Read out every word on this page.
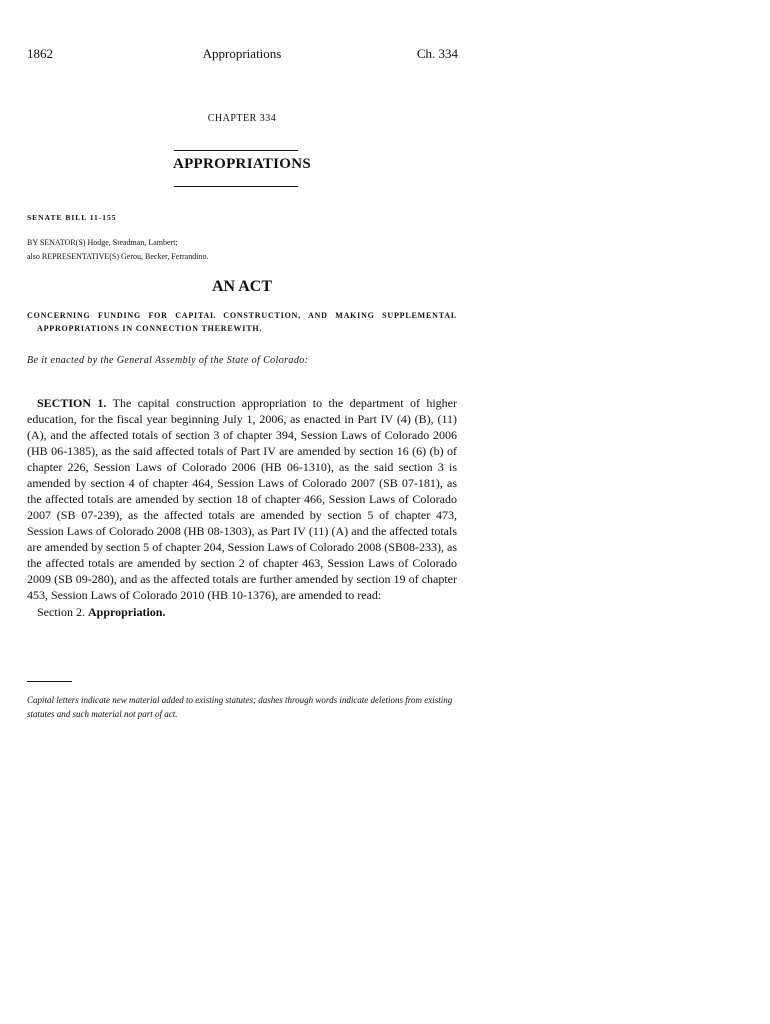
1862	Appropriations	Ch. 334
CHAPTER 334
APPROPRIATIONS
SENATE BILL 11-155
BY SENATOR(S) Hodge, Steadman, Lambert;
also REPRESENTATIVE(S) Gerou, Becker, Ferrandino.
AN ACT
CONCERNING FUNDING FOR CAPITAL CONSTRUCTION, AND MAKING SUPPLEMENTAL
APPROPRIATIONS IN CONNECTION THEREWITH.
Be it enacted by the General Assembly of the State of Colorado:
SECTION 1. The capital construction appropriation to the department of higher education, for the fiscal year beginning July 1, 2006, as enacted in Part IV (4) (B), (11) (A), and the affected totals of section 3 of chapter 394, Session Laws of Colorado 2006 (HB 06-1385), as the said affected totals of Part IV are amended by section 16 (6) (b) of chapter 226, Session Laws of Colorado 2006 (HB 06-1310), as the said section 3 is amended by section 4 of chapter 464, Session Laws of Colorado 2007 (SB 07-181), as the affected totals are amended by section 18 of chapter 466, Session Laws of Colorado 2007 (SB 07-239), as the affected totals are amended by section 5 of chapter 473, Session Laws of Colorado 2008 (HB 08-1303), as Part IV (11) (A) and the affected totals are amended by section 5 of chapter 204, Session Laws of Colorado 2008 (SB08-233), as the affected totals are amended by section 2 of chapter 463, Session Laws of Colorado 2009 (SB 09-280), and as the affected totals are further amended by section 19 of chapter 453, Session Laws of Colorado 2010 (HB 10-1376), are amended to read:
Section 2. Appropriation.
Capital letters indicate new material added to existing statutes; dashes through words indicate deletions from existing statutes and such material not part of act.
